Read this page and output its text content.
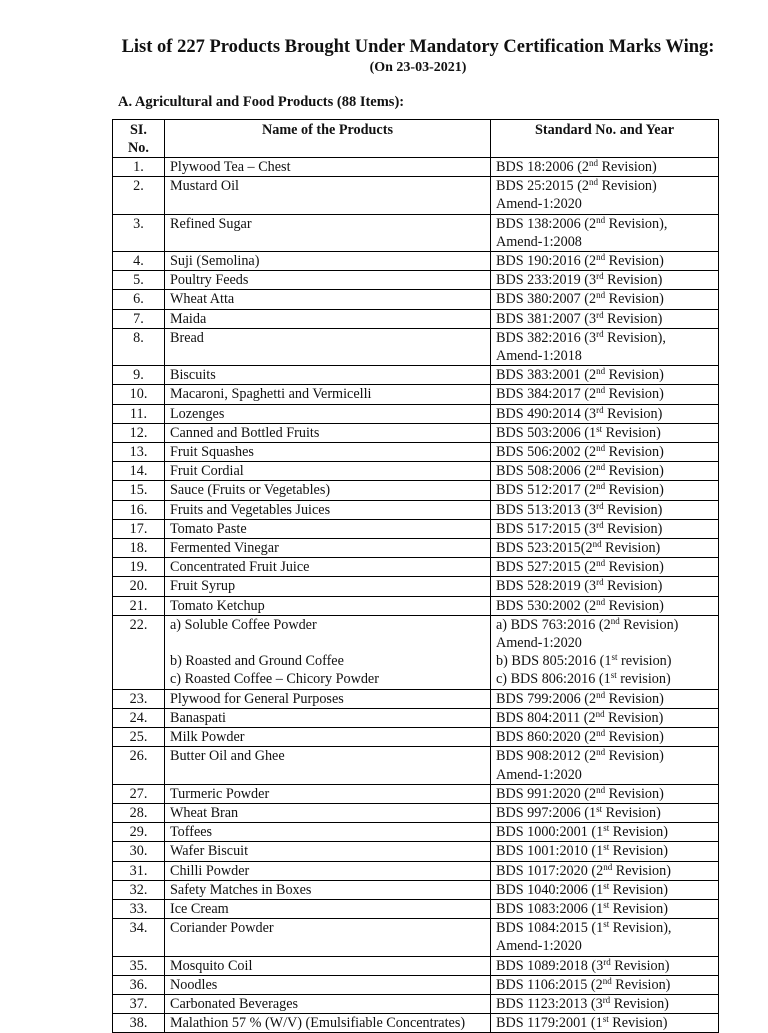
List of 227 Products Brought Under Mandatory Certification Marks Wing:
(On 23-03-2021)
A. Agricultural and Food Products (88 Items):
SI.
No.	Name of the Products	Standard No. and Year
1.	Plywood Tea – Chest	BDS 18:2006 (2nd Revision)
2.	Mustard Oil	BDS 25:2015 (2nd Revision)
Amend-1:2020
3.	Refined Sugar	BDS 138:2006 (2nd Revision),
Amend-1:2008
4.	Suji (Semolina)	BDS 190:2016 (2nd Revision)
5.	Poultry Feeds	BDS 233:2019 (3rd Revision)
6.	Wheat Atta	BDS 380:2007 (2nd Revision)
7.	Maida	BDS 381:2007 (3rd Revision)
8.	Bread	BDS 382:2016 (3rd Revision),
Amend-1:2018
9.	Biscuits	BDS 383:2001 (2nd Revision)
10.	Macaroni, Spaghetti and Vermicelli	BDS 384:2017 (2nd Revision)
11.	Lozenges	BDS 490:2014 (3rd Revision)
12.	Canned and Bottled Fruits	BDS 503:2006 (1st Revision)
13.	Fruit Squashes	BDS 506:2002 (2nd Revision)
14.	Fruit Cordial	BDS 508:2006 (2nd Revision)
15.	Sauce (Fruits or Vegetables)	BDS 512:2017 (2nd Revision)
16.	Fruits and Vegetables Juices	BDS 513:2013 (3rd Revision)
17.	Tomato Paste	BDS 517:2015 (3rd Revision)
18.	Fermented Vinegar	BDS 523:2015(2nd Revision)
19.	Concentrated Fruit Juice	BDS 527:2015 (2nd Revision)
20.	Fruit Syrup	BDS 528:2019 (3rd Revision)
21.	Tomato Ketchup	BDS 530:2002 (2nd Revision)
22.	a) Soluble Coffee Powder

b) Roasted and Ground Coffee
c) Roasted Coffee – Chicory Powder	a) BDS 763:2016 (2nd Revision)
Amend-1:2020
b) BDS 805:2016 (1st revision)
c) BDS 806:2016 (1st revision)
23.	Plywood for General Purposes	BDS 799:2006 (2nd Revision)
24.	Banaspati	BDS 804:2011 (2nd Revision)
25.	Milk Powder	BDS 860:2020 (2nd Revision)
26.	Butter Oil and Ghee	BDS 908:2012 (2nd Revision)
Amend-1:2020
27.	Turmeric Powder	BDS 991:2020 (2nd Revision)
28.	Wheat Bran	BDS 997:2006 (1st Revision)
29.	Toffees	BDS 1000:2001 (1st Revision)
30.	Wafer Biscuit	BDS 1001:2010 (1st Revision)
31.	Chilli Powder	BDS 1017:2020 (2nd Revision)
32.	Safety Matches in Boxes	BDS 1040:2006 (1st Revision)
33.	Ice Cream	BDS 1083:2006 (1st Revision)
34.	Coriander Powder	BDS 1084:2015 (1st Revision),
Amend-1:2020
35.	Mosquito Coil	BDS 1089:2018 (3rd Revision)
36.	Noodles	BDS 1106:2015 (2nd Revision)
37.	Carbonated Beverages	BDS 1123:2013 (3rd Revision)
38.	Malathion 57 % (W/V) (Emulsifiable Concentrates)	BDS 1179:2001 (1st Revision)
